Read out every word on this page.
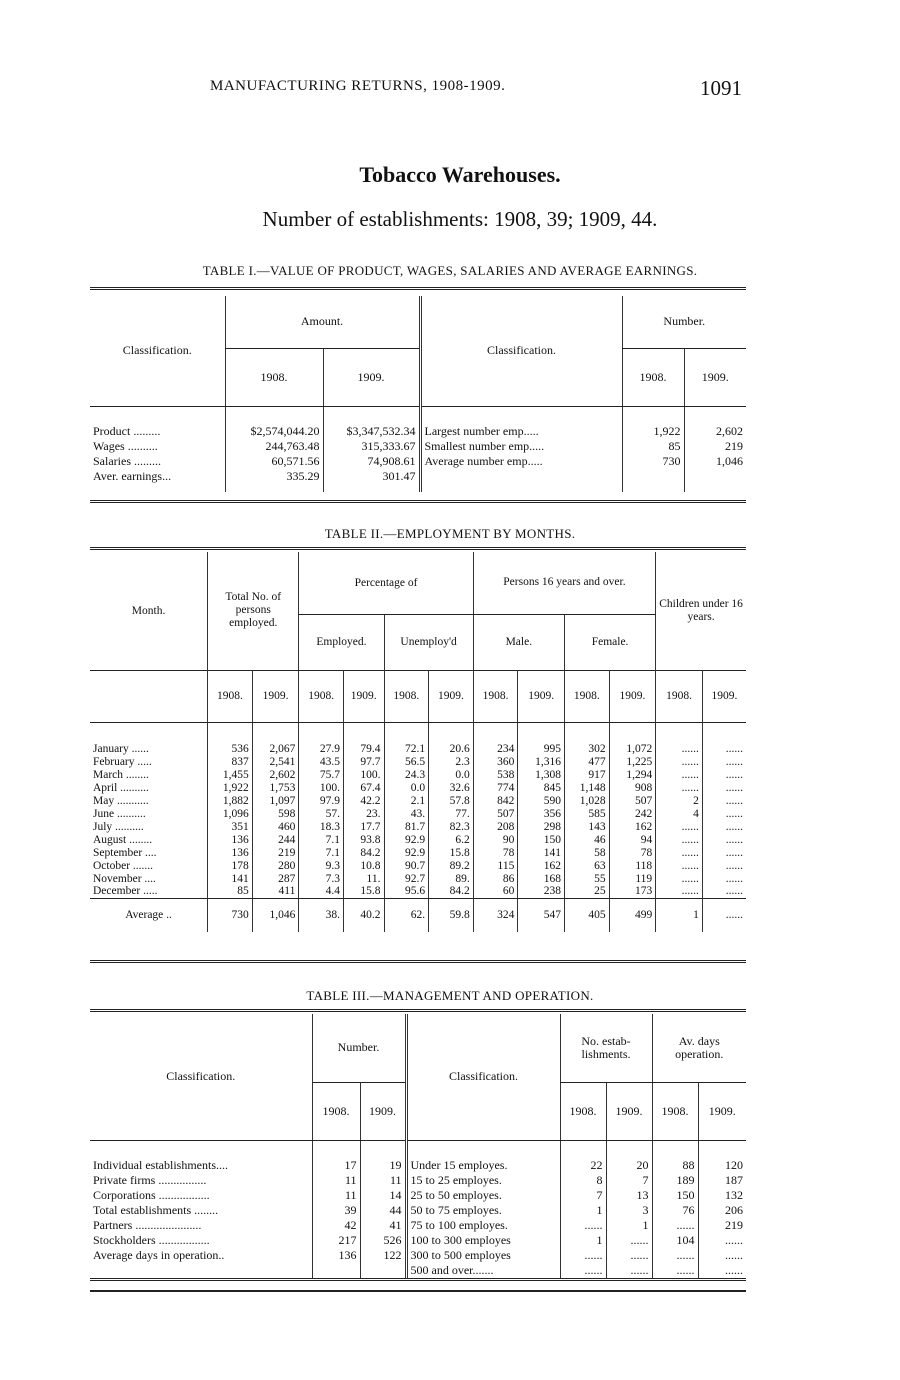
MANUFACTURING RETURNS, 1908-1909.	1091
Tobacco Warehouses.
Number of establishments: 1908, 39; 1909, 44.
TABLE I.—VALUE OF PRODUCT, WAGES, SALARIES AND AVERAGE EARNINGS.
Classification.	Amount.		Classification.	Number.	
	1908.	1909.		1908.	1909.

Product .........	$2,574,044.20	$3,347,532.34	Largest number emp.....	1,922	2,602
Wages ..........	244,763.48	315,333.67	Smallest number emp.....	85	219
Salaries .........	60,571.56	74,908.61	Average number emp.....	730	1,046
Aver. earnings...	335.29	301.47			

TABLE II.—EMPLOYMENT BY MONTHS.
Month.	Total No. of persons employed.		Percentage of				Persons 16 years and over.				Children under 16 years.	
			Employed.		Unemploy'd		Male.		Female.			

	1908.	1909.	1908.	1909.	1908.	1909.	1908.	1909.	1908.	1909.	1908.	1909.

January ......	536	2,067	27.9	79.4	72.1	20.6	234	995	302	1,072	......	......
February .....	837	2,541	43.5	97.7	56.5	2.3	360	1,316	477	1,225	......	......
March ........	1,455	2,602	75.7	100.	24.3	0.0	538	1,308	917	1,294	......	......
April ..........	1,922	1,753	100.	67.4	0.0	32.6	774	845	1,148	908	......	......
May ...........	1,882	1,097	97.9	42.2	2.1	57.8	842	590	1,028	507	2	......
June ..........	1,096	598	57.	23.	43.	77.	507	356	585	242	4	......
July ..........	351	460	18.3	17.7	81.7	82.3	208	298	143	162	......	......
August ........	136	244	7.1	93.8	92.9	6.2	90	150	46	94	......	......
September ....	136	219	7.1	84.2	92.9	15.8	78	141	58	78	......	......
October .......	178	280	9.3	10.8	90.7	89.2	115	162	63	118	......	......
November ....	141	287	7.3	11.	92.7	89.	86	168	55	119	......	......
December .....	85	411	4.4	15.8	95.6	84.2	60	238	25	173	......	......
Average ..	730	1,046	38.	40.2	62.	59.8	324	547	405	499	1	......
TABLE III.—MANAGEMENT AND OPERATION.
Classification.	Number.		Classification.	No. estab- lishments.		Av. days operation.	
	1908.	1909.		1908.	1909.	1908.	1909.

Individual establishments....	17	19	Under 15 employes.	22	20	88	120
Private firms ................	11	11	15 to 25 employes.	8	7	189	187
Corporations .................	11	14	25 to 50 employes.	7	13	150	132
Total establishments ........	39	44	50 to 75 employes.	1	3	76	206
Partners ......................	42	41	75 to 100 employes.	......	1	......	219
Stockholders .................	217	526	100 to 300 employes	1	......	104	......
Average days in operation..	136	122	300 to 500 employes	......	......	......	......
			500 and over.......	......	......	......	......
